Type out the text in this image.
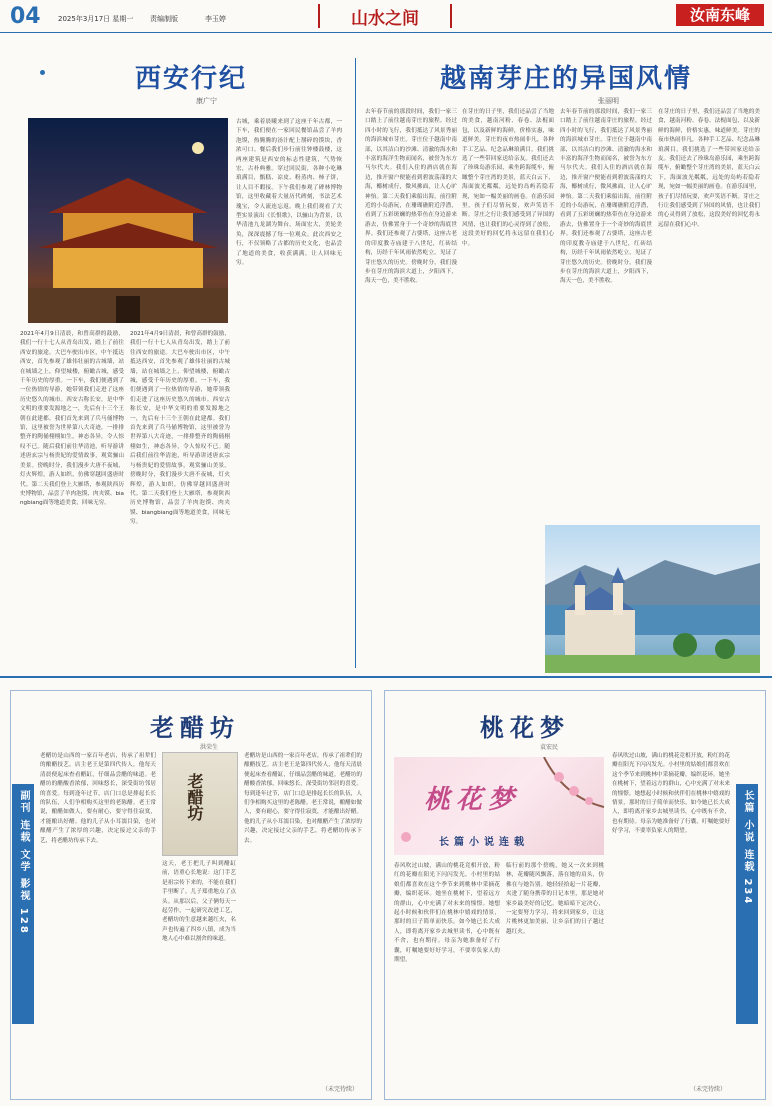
04 2025年3月17日 星期一 责编制版	李玉婷	山水之间	汝南东峰
西安行纪
康广宁
2021年4月9日清晨，和曾高群的鼓励，我们一行十七人从青岛出发，踏上了前往西安的旅途。大巴车驶出市区，中午抵达西安，首先参观了雄伟壮丽的古城墙，站在城墙之上，仰望城楼，俯瞰古城，感受千年历史的厚重。一下车，我们便遇到了一位热情的导游，她带领我们走进了这座历史悠久的城市。西安古称长安，是中华文明的重要发源地之一，先后有十三个王朝在此建都。我们首先来到了兵马俑博物馆，这里被誉为世界第八大奇迹，一排排整齐的陶俑栩栩如生，神态各异，令人惊叹不已。随后我们前往华清池，听导游讲述唐玄宗与杨贵妃的爱情故事，观赏骊山美景。傍晚时分，我们漫步大唐不夜城，灯火辉煌，游人如织，仿佛穿越回盛唐时代。第二天我们登上大雁塔，参观陕西历史博物馆，品尝了羊肉泡馍、肉夹馍、biangbiang面等地道美食，回味无穷。
2021年4月9日清晨，和曾高群的鼓励，我们一行十七人从青岛出发，踏上了前往西安的旅途。大巴车驶出市区，中午抵达西安，首先参观了雄伟壮丽的古城墙，站在城墙之上，仰望城楼，俯瞰古城，感受千年历史的厚重。一下车，我们便遇到了一位热情的导游，她带领我们走进了这座历史悠久的城市。西安古称长安，是中华文明的重要发源地之一，先后有十三个王朝在此建都。我们首先来到了兵马俑博物馆，这里被誉为世界第八大奇迹，一排排整齐的陶俑栩栩如生，神态各异，令人惊叹不已。随后我们前往华清池，听导游讲述唐玄宗与杨贵妃的爱情故事，观赏骊山美景。傍晚时分，我们漫步大唐不夜城，灯火辉煌，游人如织，仿佛穿越回盛唐时代。第二天我们登上大雁塔，参观陕西历史博物馆，品尝了羊肉泡馍、肉夹馍、biangbiang面等地道美食，回味无穷。
古城，乘着晨曦来到了这座千年古都，一下车，我们便在一家回民餐馆品尝了羊肉泡馍，热腾腾的汤汁配上掰碎的馍块，香浓可口。餐后我们步行前往钟楼鼓楼，这两座建筑是西安的标志性建筑，气势恢宏，古朴典雅。穿过回民街，各种小吃琳琅满目，甑糕、凉皮、粉蒸肉、柿子饼，让人目不暇接。下午我们参观了碑林博物馆，这里收藏着大量历代碑刻，书法艺术瑰宝，令人流连忘返。晚上我们观看了大型实景演出《长恨歌》，以骊山为背景，以华清池九龙湖为舞台，场面宏大，美轮美奂，深深震撼了每一位观众。此次西安之行，不仅领略了古都的历史文化，也品尝了地道的美食，收获满满，让人回味无穷。
越南芽庄的异国风情
张丽明
去年春节前的那段时间，我们一家三口踏上了前往越南芽庄的旅程。经过四小时的飞行，我们抵达了风景秀丽的海滨城市芽庄。芽庄位于越南中南部，以其洁白的沙滩、清澈的海水和丰富的海洋生物而闻名，被誉为东方马尔代夫。我们入住的酒店就在海边，推开窗户便能看到碧波荡漾的大海，椰树成行，微风拂面，让人心旷神怡。第二天我们乘船出海，前往附近的小岛游玩，在珊瑚礁附近浮潜，看到了五彩斑斓的热带鱼在身边游来游去，仿佛置身于一个奇妙的海底世界。我们还参观了占婆塔，这座古老的印度教寺庙建于八世纪，红砖结构，历经千年风雨依然屹立，见证了芽庄悠久的历史。傍晚时分，我们漫步在芽庄的海滨大道上，夕阳西下，海天一色，美不胜收。
在芽庄的日子里，我们还品尝了当地的美食，越南河粉、春卷、法棍面包，以及新鲜的海鲜，价格实惠，味道鲜美。芽庄的夜市热闹非凡，各种手工艺品、纪念品琳琅满目，我们挑选了一些带回家送给亲友。我们还去了珍珠岛游乐园，乘坐跨海缆车，俯瞰整个芽庄湾的美景，蓝天白云下，海面波光粼粼，远处的岛屿若隐若现，宛如一幅美丽的画卷。在游乐园里，孩子们尽情玩耍，欢声笑语不断。芽庄之行让我们感受到了异国的风情，也让我们的心灵得到了放松，这段美好的回忆将永远留在我们心中。
去年春节前的那段时间，我们一家三口踏上了前往越南芽庄的旅程。经过四小时的飞行，我们抵达了风景秀丽的海滨城市芽庄。芽庄位于越南中南部，以其洁白的沙滩、清澈的海水和丰富的海洋生物而闻名，被誉为东方马尔代夫。我们入住的酒店就在海边，推开窗户便能看到碧波荡漾的大海，椰树成行，微风拂面，让人心旷神怡。第二天我们乘船出海，前往附近的小岛游玩，在珊瑚礁附近浮潜，看到了五彩斑斓的热带鱼在身边游来游去，仿佛置身于一个奇妙的海底世界。我们还参观了占婆塔，这座古老的印度教寺庙建于八世纪，红砖结构，历经千年风雨依然屹立，见证了芽庄悠久的历史。傍晚时分，我们漫步在芽庄的海滨大道上，夕阳西下，海天一色，美不胜收。
在芽庄的日子里，我们还品尝了当地的美食，越南河粉、春卷、法棍面包，以及新鲜的海鲜，价格实惠，味道鲜美。芽庄的夜市热闹非凡，各种手工艺品、纪念品琳琅满目，我们挑选了一些带回家送给亲友。我们还去了珍珠岛游乐园，乘坐跨海缆车，俯瞰整个芽庄湾的美景，蓝天白云下，海面波光粼粼，远处的岛屿若隐若现，宛如一幅美丽的画卷。在游乐园里，孩子们尽情玩耍，欢声笑语不断。芽庄之行让我们感受到了异国的风情，也让我们的心灵得到了放松，这段美好的回忆将永远留在我们心中。
老醋坊
洪荣生
副刊 连载 文学 影视 128	老醋坊
老醋坊是山西的一家百年老店，传承了祖辈们的酿醋技艺。店主老王是第四代传人，他每天清晨便起床查看醋缸，仔细品尝醋的味道。老醋坊的醋酸香浓郁，回味悠长，深受街坊邻居的喜爱。每到逢年过节，店门口总是排起长长的队伍，人们争相购买这里的老陈醋。老王常说，酿醋如做人，要有耐心，要守得住寂寞，才能酿出好醋。他的儿子从小耳濡目染，也对酿醋产生了浓厚的兴趣，决定接过父亲的手艺，将老醋坊传承下去。
这天，老王把儿子叫到醋缸前，语重心长地说：这门手艺是祖宗传下来的，不能在我们手里断了。儿子郑重地点了点头。从那以后，父子俩每天一起劳作，一起研究改进工艺，老醋坊的生意越来越红火，名声也传遍了四乡八镇，成为当地人心中难以割舍的味道。
老醋坊是山西的一家百年老店，传承了祖辈们的酿醋技艺。店主老王是第四代传人，他每天清晨便起床查看醋缸，仔细品尝醋的味道。老醋坊的醋酸香浓郁，回味悠长，深受街坊邻居的喜爱。每到逢年过节，店门口总是排起长长的队伍，人们争相购买这里的老陈醋。老王常说，酿醋如做人，要有耐心，要守得住寂寞，才能酿出好醋。他的儿子从小耳濡目染，也对酿醋产生了浓厚的兴趣，决定接过父亲的手艺，将老醋坊传承下去。
（未完待续）
桃花梦
袁宏民
长篇 小说 连载 234
桃花梦
长篇小说连载
春风吹过山坡，满山的桃花竞相开放，粉红的花瓣在阳光下闪闪发光。小村里的姑娘们都喜欢在这个季节来到桃林中采摘花瓣，编织花环。她坐在桃树下，望着远方的群山，心中充满了对未来的憧憬。她想起小时候和伙伴们在桃林中嬉戏的情景，那时的日子简单而快乐。如今她已长大成人，即将离开家乡去城里读书，心中既有不舍，也有期待。母亲为她准备好了行囊，叮嘱她要好好学习，不要辜负家人的期望。
临行前的那个傍晚，她又一次来到桃林，花瓣随风飘落，落在她的肩头，仿佛在与她告别。她轻轻拾起一片花瓣，夹进了随身携带的日记本里，那是她对家乡最美好的记忆。她暗暗下定决心，一定要努力学习，将来回到家乡，让这片桃林更加美丽，让乡亲们的日子越过越红火。
春风吹过山坡，满山的桃花竞相开放，粉红的花瓣在阳光下闪闪发光。小村里的姑娘们都喜欢在这个季节来到桃林中采摘花瓣，编织花环。她坐在桃树下，望着远方的群山，心中充满了对未来的憧憬。她想起小时候和伙伴们在桃林中嬉戏的情景，那时的日子简单而快乐。如今她已长大成人，即将离开家乡去城里读书，心中既有不舍，也有期待。母亲为她准备好了行囊，叮嘱她要好好学习，不要辜负家人的期望。
（未完待续）
